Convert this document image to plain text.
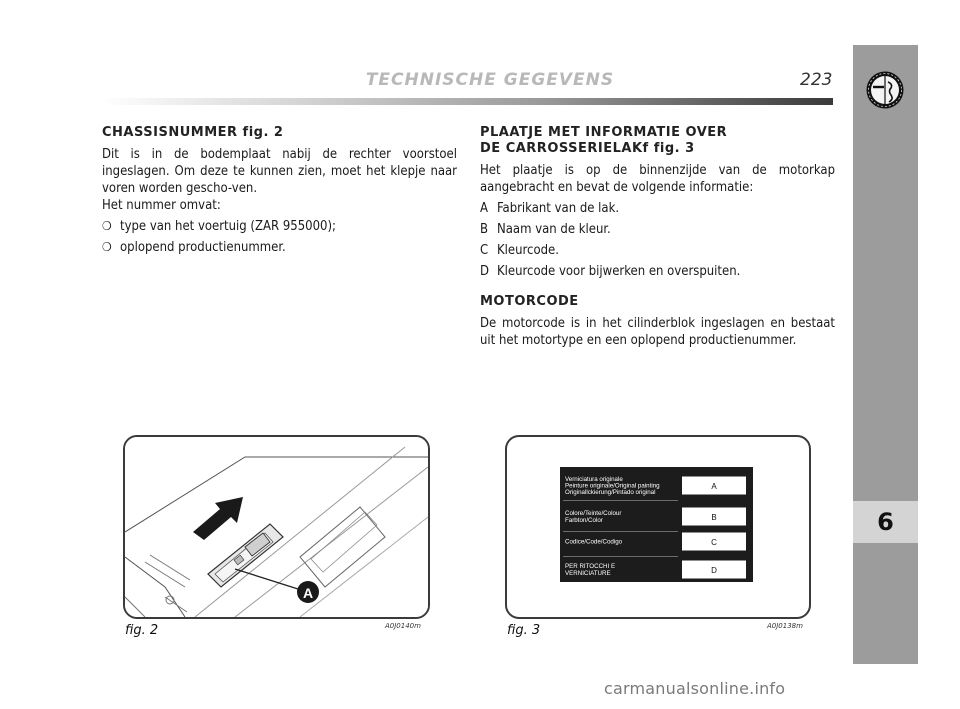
TECHNISCHE GEGEVENS	223
6
CHASSISNUMMER fig. 2

Dit is in de bodemplaat nabij de rechter voorstoel ingeslagen. Om deze te kunnen zien, moet het klepje naar voren worden gescho-ven.

Het nummer omvat:

❍ type van het voertuig (ZAR 955000);
❍ oplopend productienummer.
PLAATJE MET INFORMATIE OVER
DE CARROSSERIELAKf fig. 3

Het plaatje is op de binnenzijde van de motorkap aangebracht en bevat de volgende informatie:

A Fabrikant van de lak.
B Naam van de kleur.
C Kleurcode.
D Kleurcode voor bijwerken en overspuiten.
MOTORCODE

De motorcode is in het cilinderblok ingeslagen en bestaat uit het motortype en een oplopend productienummer.

A
fig. 2	A0J0140m
Verniciatura originale
Peinture originale/Original painting
Originallckierung/Pintado original
A
Colore/Teinte/Colour
Farbton/Color	B
Codice/Code/Codigo	C
PER RITOCCHI E
VERNICIATURE	D
fig. 3	A0J0138m
carmanualsonline.info
